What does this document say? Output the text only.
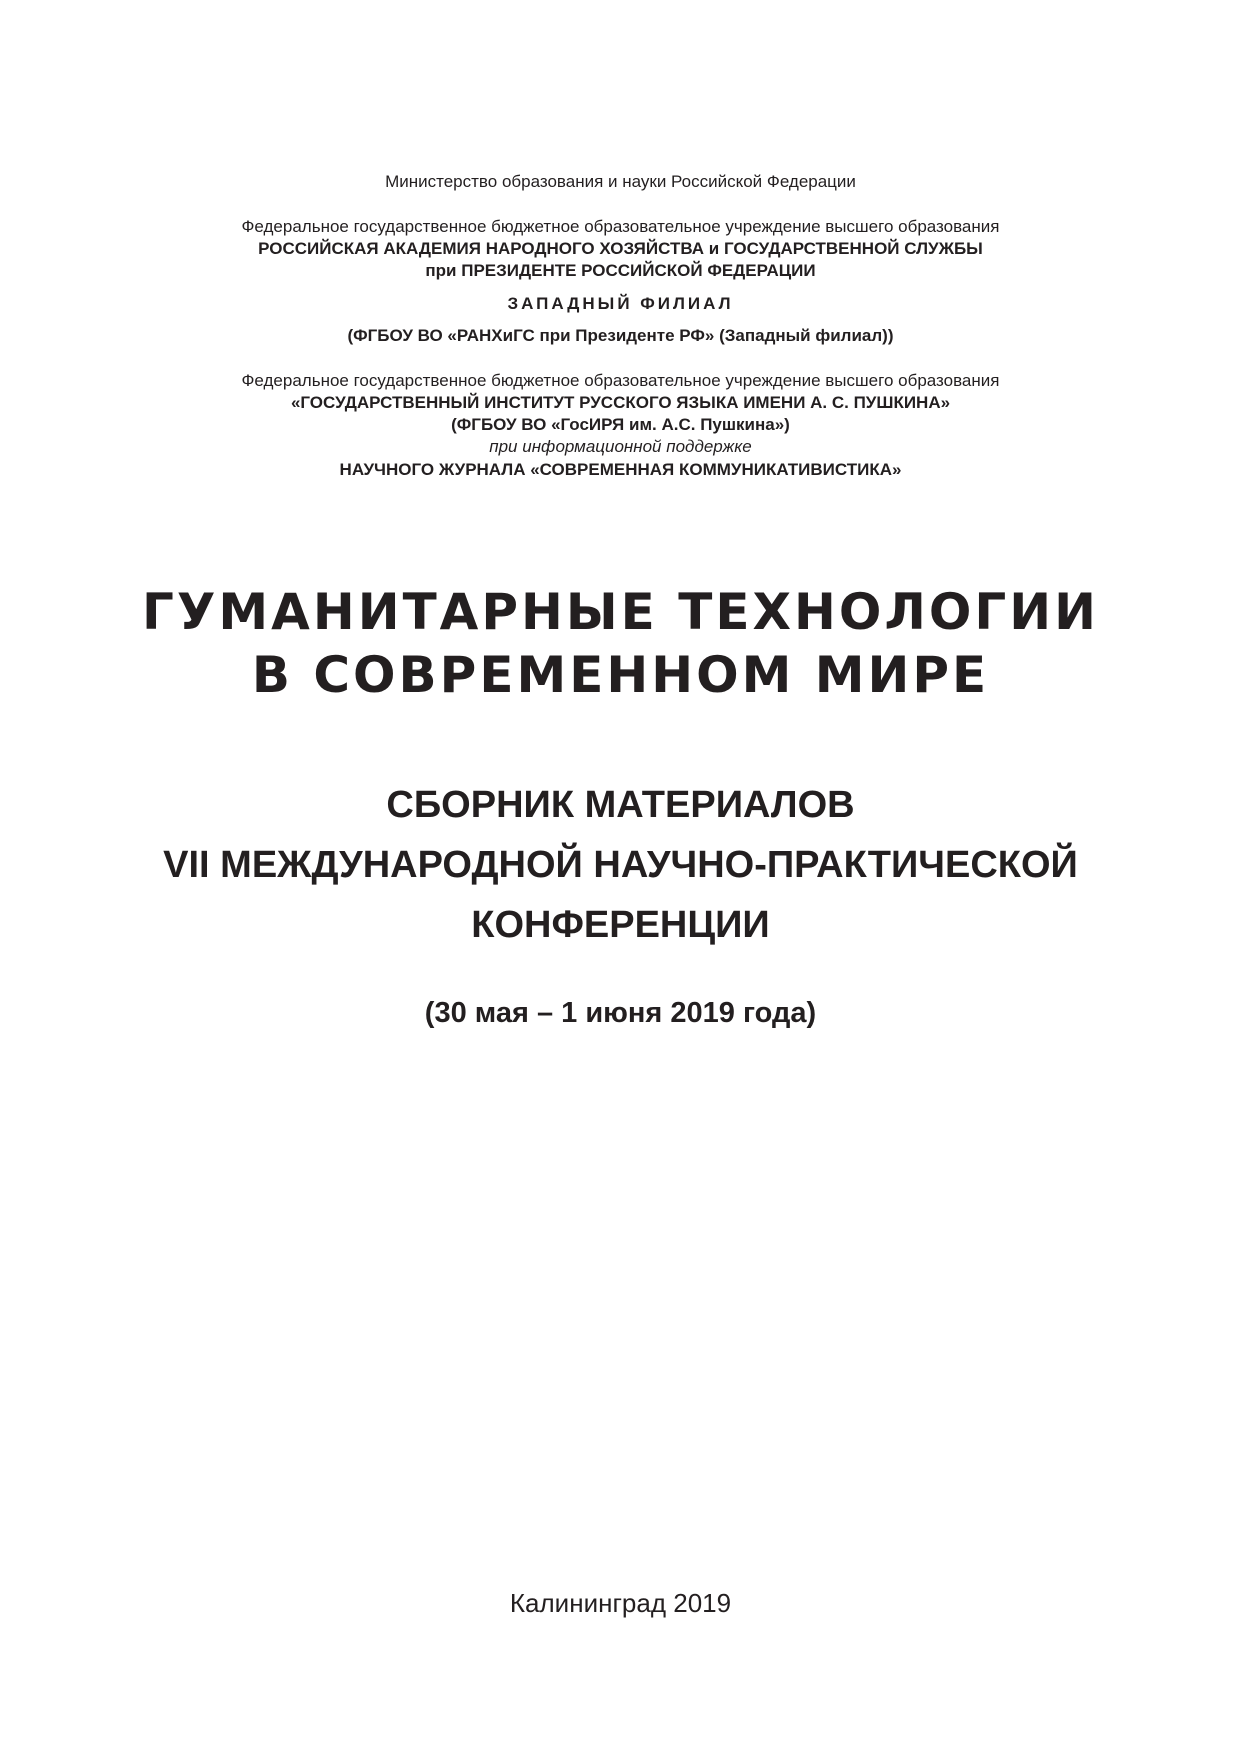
Министерство образования и науки Российской Федерации
Федеральное государственное бюджетное образовательное учреждение высшего образования
РОССИЙСКАЯ АКАДЕМИЯ НАРОДНОГО ХОЗЯЙСТВА и ГОСУДАРСТВЕННОЙ СЛУЖБЫ
при ПРЕЗИДЕНТЕ РОССИЙСКОЙ ФЕДЕРАЦИИ
ЗАПАДНЫЙ ФИЛИАЛ
(ФГБОУ ВО «РАНХиГС при Президенте РФ» (Западный филиал))
Федеральное государственное бюджетное образовательное учреждение высшего образования
«ГОСУДАРСТВЕННЫЙ ИНСТИТУТ РУССКОГО ЯЗЫКА ИМЕНИ А. С. ПУШКИНА»
(ФГБОУ ВО «ГосИРЯ им. А.С. Пушкина»)
при информационной поддержке
НАУЧНОГО ЖУРНАЛА «СОВРЕМЕННАЯ КОММУНИКАТИВИСТИКА»
ГУМАНИТАРНЫЕ ТЕХНОЛОГИИ
В СОВРЕМЕННОМ МИРЕ
СБОРНИК МАТЕРИАЛОВ
VII МЕЖДУНАРОДНОЙ НАУЧНО-ПРАКТИЧЕСКОЙ
КОНФЕРЕНЦИИ
(30 мая – 1 июня 2019 года)
Калининград 2019
